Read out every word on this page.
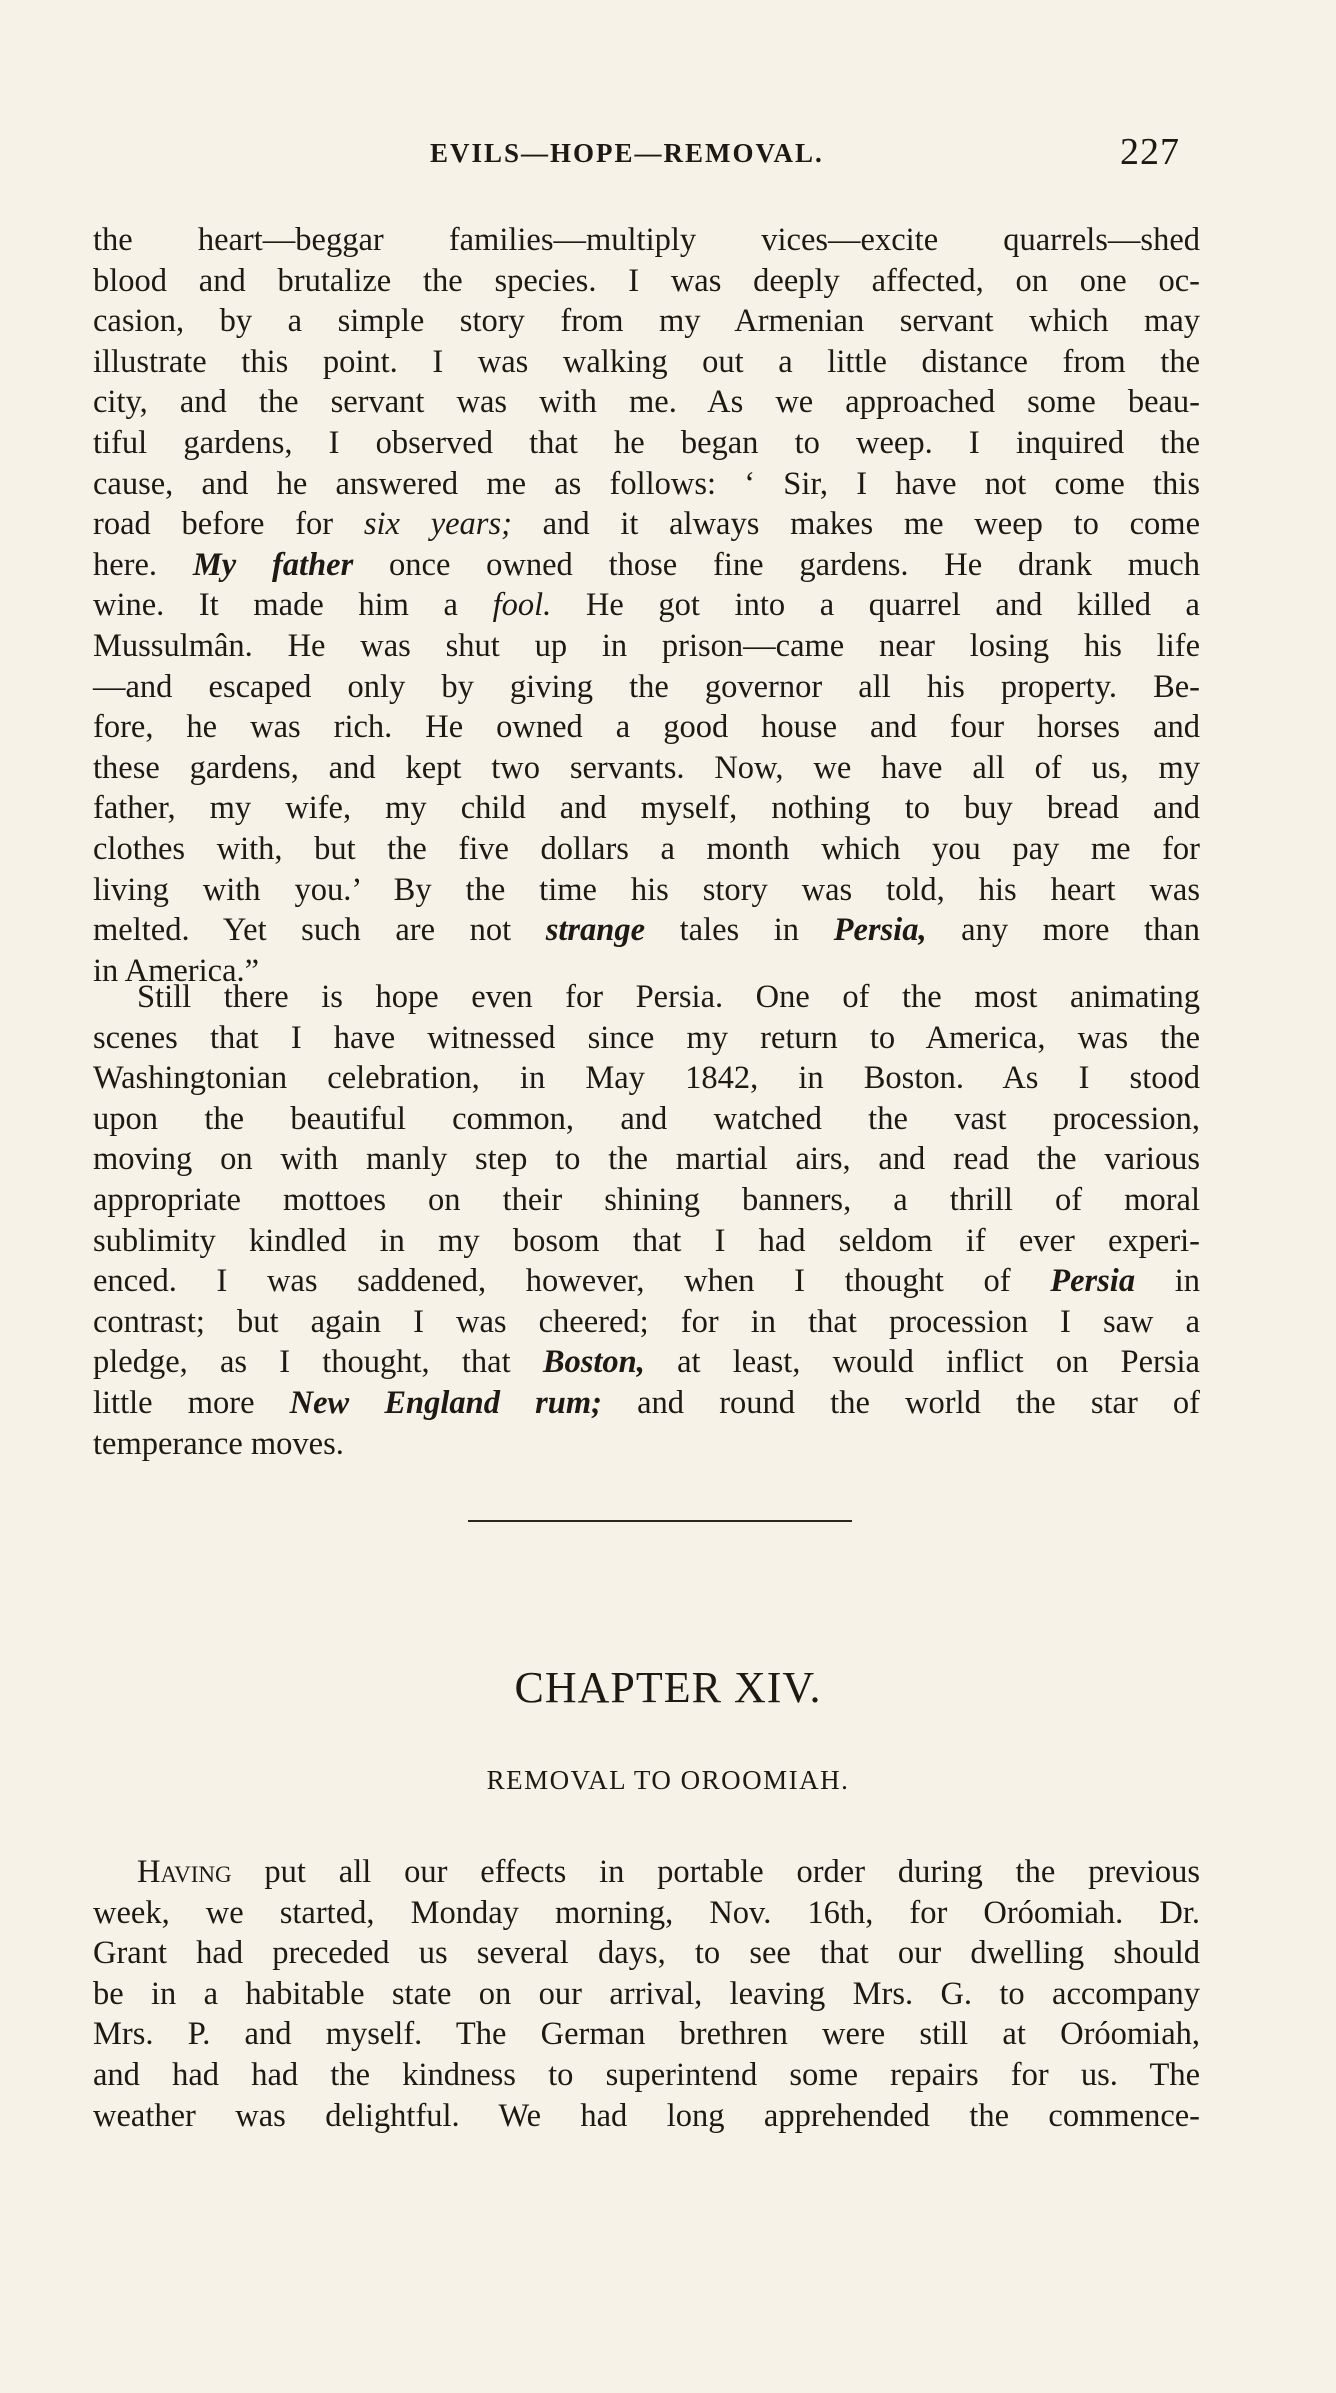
EVILS—HOPE—REMOVAL.	227
the heart—beggar families—multiply vices—excite quarrels—shed
blood and brutalize the species. I was deeply affected, on one oc-
casion, by a simple story from my Armenian servant which may
illustrate this point. I was walking out a little distance from the
city, and the servant was with me. As we approached some beau-
tiful gardens, I observed that he began to weep. I inquired the
cause, and he answered me as follows: ‘ Sir, I have not come this
road before for six years; and it always makes me weep to come
here. My father once owned those fine gardens. He drank much
wine. It made him a fool. He got into a quarrel and killed a
Mussulmân. He was shut up in prison—came near losing his life
—and escaped only by giving the governor all his property. Be-
fore, he was rich. He owned a good house and four horses and
these gardens, and kept two servants. Now, we have all of us, my
father, my wife, my child and myself, nothing to buy bread and
clothes with, but the five dollars a month which you pay me for
living with you.’ By the time his story was told, his heart was
melted. Yet such are not strange tales in Persia, any more than
in America.”
Still there is hope even for Persia. One of the most animating
scenes that I have witnessed since my return to America, was the
Washingtonian celebration, in May 1842, in Boston. As I stood
upon the beautiful common, and watched the vast procession,
moving on with manly step to the martial airs, and read the various
appropriate mottoes on their shining banners, a thrill of moral
sublimity kindled in my bosom that I had seldom if ever experi-
enced. I was saddened, however, when I thought of Persia in
contrast; but again I was cheered; for in that procession I saw a
pledge, as I thought, that Boston, at least, would inflict on Persia
little more New England rum; and round the world the star of
temperance moves.
CHAPTER XIV.
REMOVAL TO OROOMIAH.
Having put all our effects in portable order during the previous
week, we started, Monday morning, Nov. 16th, for Oróomiah. Dr.
Grant had preceded us several days, to see that our dwelling should
be in a habitable state on our arrival, leaving Mrs. G. to accompany
Mrs. P. and myself. The German brethren were still at Oróomiah,
and had had the kindness to superintend some repairs for us. The
weather was delightful. We had long apprehended the commence-
